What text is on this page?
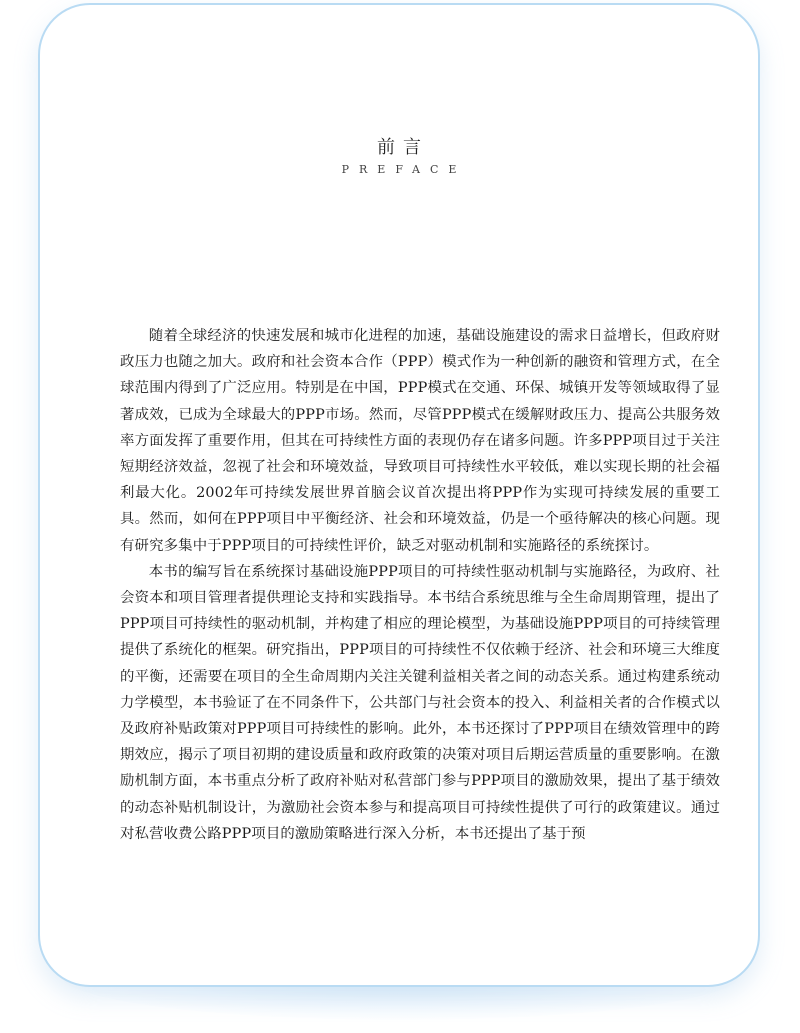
前言
PREFACE

随着全球经济的快速发展和城市化进程的加速，基础设施建设的需求日益增长，但政府财政压力也随之加大。政府和社会资本合作（PPP）模式作为一种创新的融资和管理方式，在全球范围内得到了广泛应用。特别是在中国，PPP模式在交通、环保、城镇开发等领域取得了显著成效，已成为全球最大的PPP市场。然而，尽管PPP模式在缓解财政压力、提高公共服务效率方面发挥了重要作用，但其在可持续性方面的表现仍存在诸多问题。许多PPP项目过于关注短期经济效益，忽视了社会和环境效益，导致项目可持续性水平较低，难以实现长期的社会福利最大化。2002年可持续发展世界首脑会议首次提出将PPP作为实现可持续发展的重要工具。然而，如何在PPP项目中平衡经济、社会和环境效益，仍是一个亟待解决的核心问题。现有研究多集中于PPP项目的可持续性评价，缺乏对驱动机制和实施路径的系统探讨。

本书的编写旨在系统探讨基础设施PPP项目的可持续性驱动机制与实施路径，为政府、社会资本和项目管理者提供理论支持和实践指导。本书结合系统思维与全生命周期管理，提出了PPP项目可持续性的驱动机制，并构建了相应的理论模型，为基础设施PPP项目的可持续管理提供了系统化的框架。研究指出，PPP项目的可持续性不仅依赖于经济、社会和环境三大维度的平衡，还需要在项目的全生命周期内关注关键利益相关者之间的动态关系。通过构建系统动力学模型，本书验证了在不同条件下，公共部门与社会资本的投入、利益相关者的合作模式以及政府补贴政策对PPP项目可持续性的影响。此外，本书还探讨了PPP项目在绩效管理中的跨期效应，揭示了项目初期的建设质量和政府政策的决策对项目后期运营质量的重要影响。在激励机制方面，本书重点分析了政府补贴对私营部门参与PPP项目的激励效果，提出了基于绩效的动态补贴机制设计，为激励社会资本参与和提高项目可持续性提供了可行的政策建议。通过对私营收费公路PPP项目的激励策略进行深入分析，本书还提出了基于预
